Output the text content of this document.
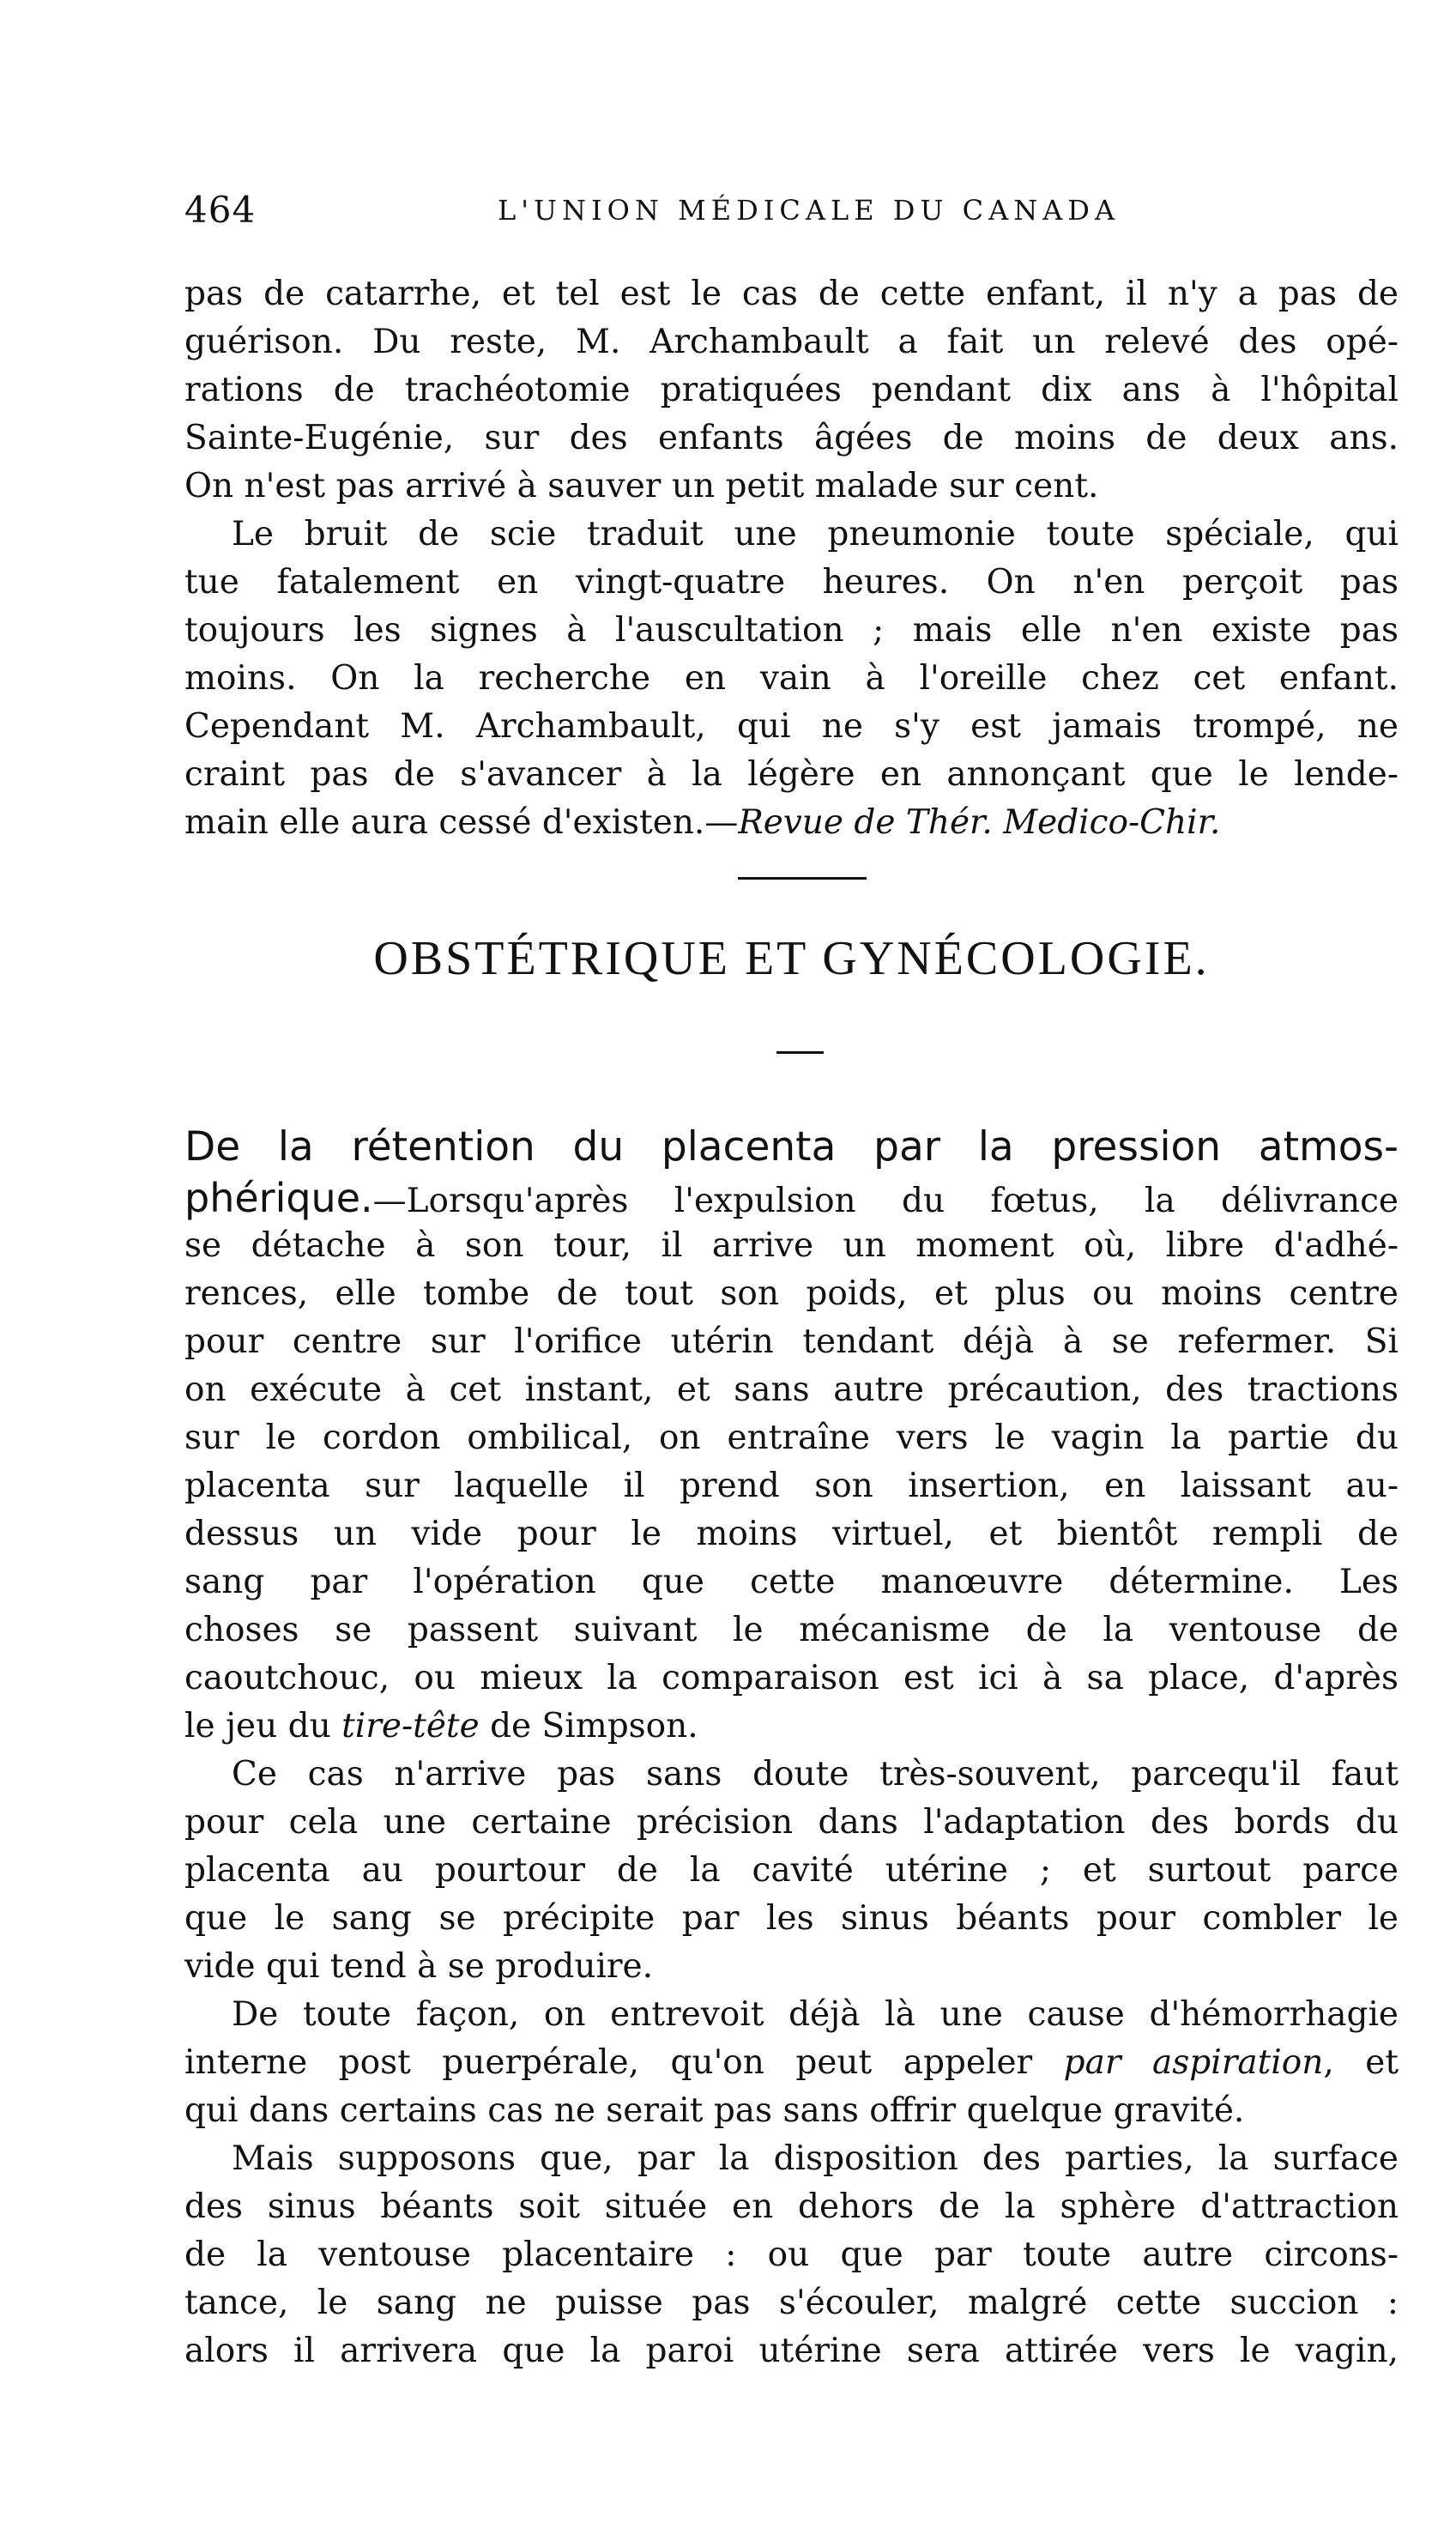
464	L'UNION MÉDICALE DU CANADA
pas de catarrhe, et tel est le cas de cette enfant, il n'y a pas de
guérison. Du reste, M. Archambault a fait un relevé des opé-
rations de trachéotomie pratiquées pendant dix ans à l'hôpital
Sainte-Eugénie, sur des enfants âgées de moins de deux ans.
On n'est pas arrivé à sauver un petit malade sur cent.
Le bruit de scie traduit une pneumonie toute spéciale, qui
tue fatalement en vingt-quatre heures. On n'en perçoit pas
toujours les signes à l'auscultation ; mais elle n'en existe pas
moins. On la recherche en vain à l'oreille chez cet enfant.
Cependant M. Archambault, qui ne s'y est jamais trompé, ne
craint pas de s'avancer à la légère en annonçant que le lende-
main elle aura cessé d'existen.—Revue de Thér. Medico-Chir.
OBSTÉTRIQUE ET GYNÉCOLOGIE.
De la rétention du placenta par la pression atmos-
phérique.—Lorsqu'après l'expulsion du fœtus, la délivrance
se détache à son tour, il arrive un moment où, libre d'adhé-
rences, elle tombe de tout son poids, et plus ou moins centre
pour centre sur l'orifice utérin tendant déjà à se refermer. Si
on exécute à cet instant, et sans autre précaution, des tractions
sur le cordon ombilical, on entraîne vers le vagin la partie du
placenta sur laquelle il prend son insertion, en laissant au-
dessus un vide pour le moins virtuel, et bientôt rempli de
sang par l'opération que cette manœuvre détermine. Les
choses se passent suivant le mécanisme de la ventouse de
caoutchouc, ou mieux la comparaison est ici à sa place, d'après
le jeu du tire-tête de Simpson.
Ce cas n'arrive pas sans doute très-souvent, parcequ'il faut
pour cela une certaine précision dans l'adaptation des bords du
placenta au pourtour de la cavité utérine ; et surtout parce
que le sang se précipite par les sinus béants pour combler le
vide qui tend à se produire.
De toute façon, on entrevoit déjà là une cause d'hémorrhagie
interne post puerpérale, qu'on peut appeler par aspiration, et
qui dans certains cas ne serait pas sans offrir quelque gravité.
Mais supposons que, par la disposition des parties, la surface
des sinus béants soit située en dehors de la sphère d'attraction
de la ventouse placentaire : ou que par toute autre circons-
tance, le sang ne puisse pas s'écouler, malgré cette succion :
alors il arrivera que la paroi utérine sera attirée vers le vagin,
